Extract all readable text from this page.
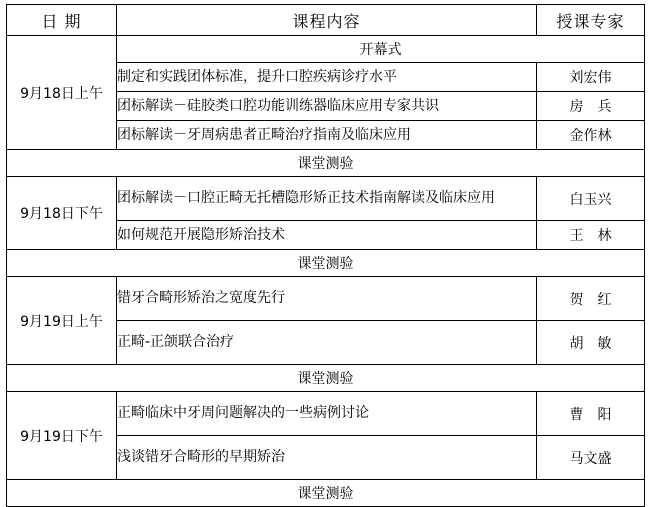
日 期	课程内容	授课专家
9月18日上午	开幕式	
	制定和实践团体标准，提升口腔疾病诊疗水平	刘宏伟
	团标解读－硅胶类口腔功能训练器临床应用专家共识	房　兵
	团标解读－牙周病患者正畸治疗指南及临床应用	金作林
课堂测验		
9月18日下午	团标解读－口腔正畸无托槽隐形矫正技术指南解读及临床应用	白玉兴
	如何规范开展隐形矫治技术	王　林
课堂测验		
9月19日上午	错牙合畸形矫治之宽度先行	贺　红
	正畸-正颌联合治疗	胡　敏
课堂测验		
9月19日下午	正畸临床中牙周问题解决的一些病例讨论	曹　阳
	浅谈错牙合畸形的早期矫治	马文盛
课堂测验		
